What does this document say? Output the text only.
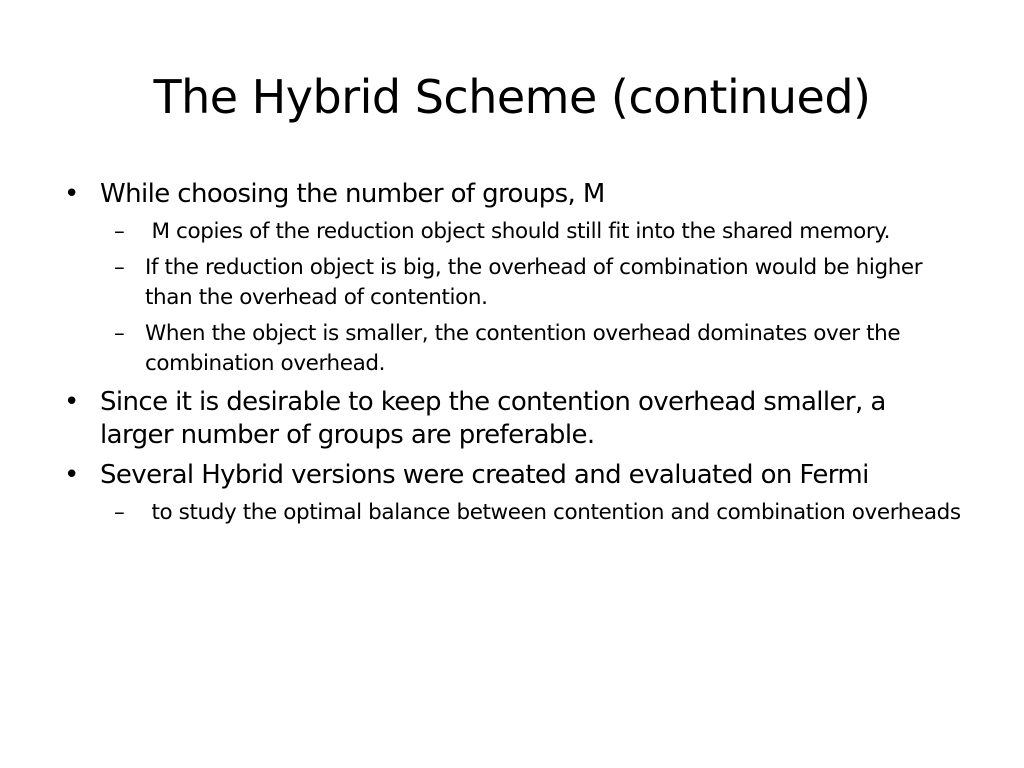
The Hybrid Scheme (continued)
• While choosing the number of groups, M
– M copies of the reduction object should still fit into the shared memory.
– If the reduction object is big, the overhead of combination would be higher than the overhead of contention.
– When the object is smaller, the contention overhead dominates over the combination overhead.
• Since it is desirable to keep the contention overhead smaller, a larger number of groups are preferable.
• Several Hybrid versions were created and evaluated on Fermi
– to study the optimal balance between contention and combination overheads
